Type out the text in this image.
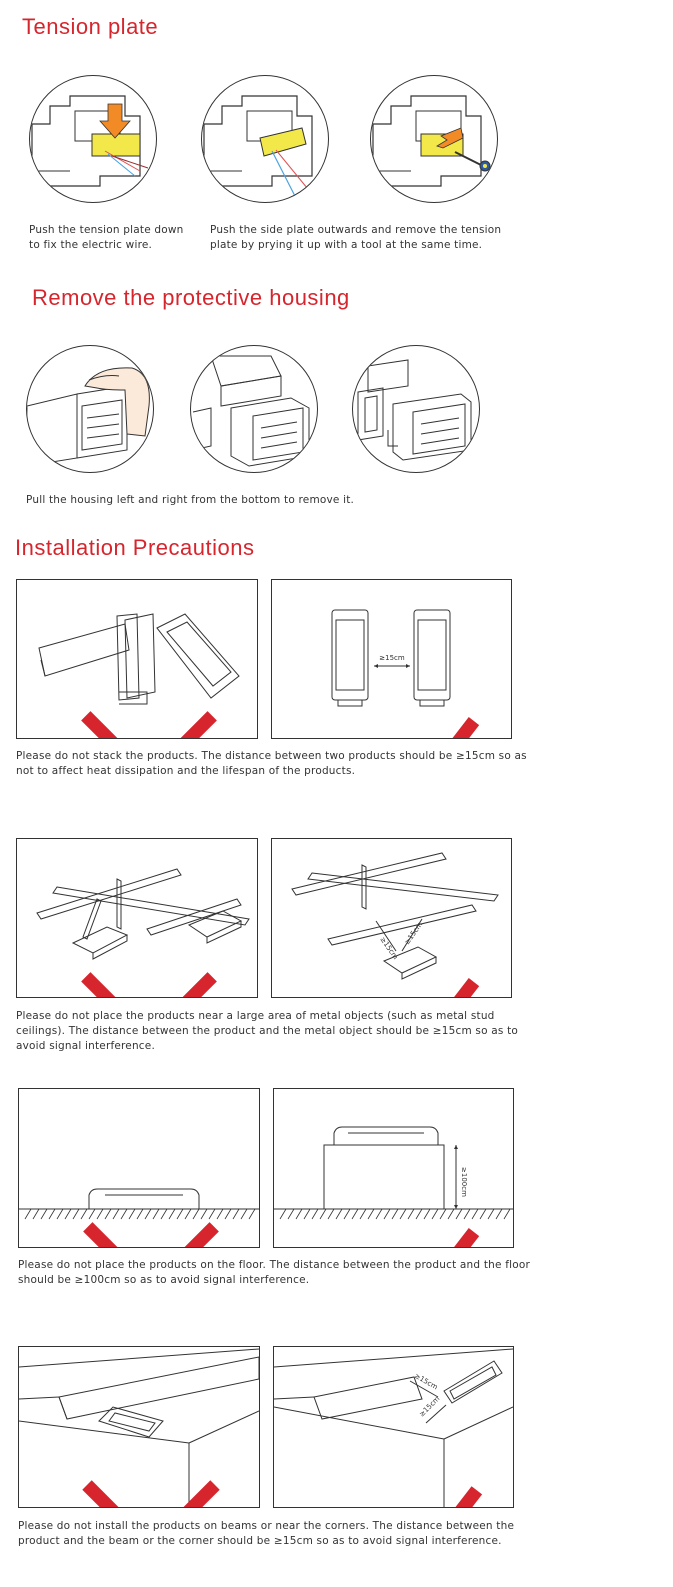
Tension plate
Push the tension plate down
to fix the electric wire.
Push the side plate outwards and remove the tension
plate by prying it up with a tool at the same time.
Remove the protective housing
Pull the housing left and right from the bottom to remove it.
Installation Precautions
≥15cm
Please do not stack the products. The distance between two products should be ≥15cm so as
not to affect heat dissipation and the lifespan of the products.
≥15cm
≥15cm
Please do not place the products near a large area of metal objects (such as metal stud
ceilings). The distance between the product and the metal object should be ≥15cm so as to
avoid signal interference.
≥100cm
Please do not place the products on the floor. The distance between the product and the floor
should be ≥100cm so as to avoid signal interference.
≥15cm
≥15cm
Please do not install the products on beams or near the corners. The distance between the
product and the beam or the corner should be ≥15cm so as to avoid signal interference.
